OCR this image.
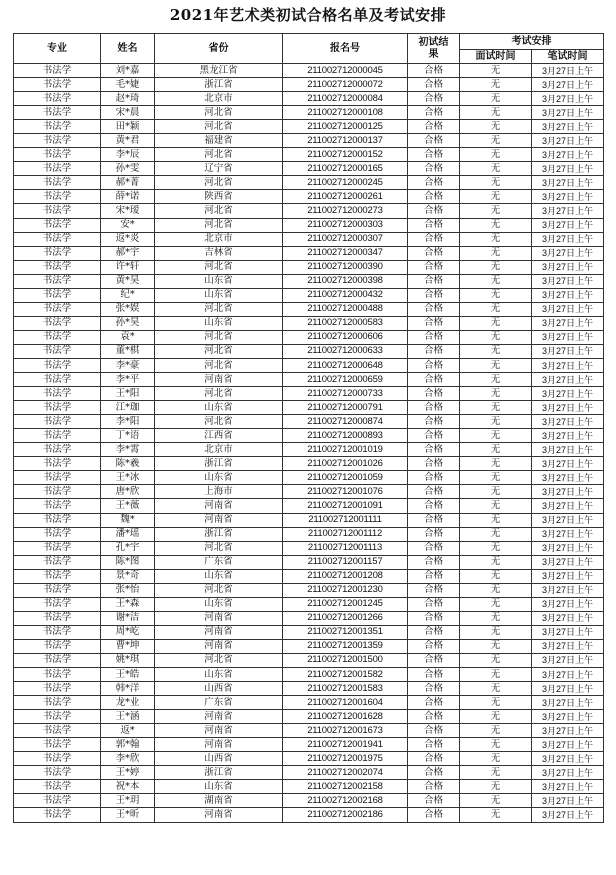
2021年艺术类初试合格名单及考试安排
专业	姓名	省份	报名号	初试结果	考试安排	
					面试时间	笔试时间
书法学	刘*嘉	黑龙江省	211002712000045	合格	无	3月27日上午
书法学	毛*婕	浙江省	211002712000072	合格	无	3月27日上午
书法学	赵*琦	北京市	211002712000084	合格	无	3月27日上午
书法学	宋*晨	河北省	211002712000108	合格	无	3月27日上午
书法学	田*颖	河北省	211002712000125	合格	无	3月27日上午
书法学	黄*君	福建省	211002712000137	合格	无	3月27日上午
书法学	李*辰	河北省	211002712000152	合格	无	3月27日上午
书法学	孙*雯	辽宁省	211002712000165	合格	无	3月27日上午
书法学	郝*菁	河北省	211002712000245	合格	无	3月27日上午
书法学	薛*诺	陕西省	211002712000261	合格	无	3月27日上午
书法学	宋*瑷	河北省	211002712000273	合格	无	3月27日上午
书法学	安*	河北省	211002712000303	合格	无	3月27日上午
书法学	返*炎	北京市	211002712000307	合格	无	3月27日上午
书法学	郝*宇	吉林省	211002712000347	合格	无	3月27日上午
书法学	许*轩	河北省	211002712000390	合格	无	3月27日上午
书法学	黄*昊	山东省	211002712000398	合格	无	3月27日上午
书法学	纪*	山东省	211002712000432	合格	无	3月27日上午
书法学	张*娱	河北省	211002712000488	合格	无	3月27日上午
书法学	孙*昊	山东省	211002712000583	合格	无	3月27日上午
书法学	袁*	河北省	211002712000606	合格	无	3月27日上午
书法学	董*棋	河北省	211002712000633	合格	无	3月27日上午
书法学	李*豪	河北省	211002712000648	合格	无	3月27日上午
书法学	李*平	河南省	211002712000659	合格	无	3月27日上午
书法学	王*阳	河北省	211002712000733	合格	无	3月27日上午
书法学	江*珈	山东省	211002712000791	合格	无	3月27日上午
书法学	李*阳	河北省	211002712000874	合格	无	3月27日上午
书法学	丁*语	江西省	211002712000893	合格	无	3月27日上午
书法学	李*霄	北京市	211002712001019	合格	无	3月27日上午
书法学	陈*羲	浙江省	211002712001026	合格	无	3月27日上午
书法学	王*冰	山东省	211002712001059	合格	无	3月27日上午
书法学	唐*欣	上海市	211002712001076	合格	无	3月27日上午
书法学	王*薇	河南省	211002712001091	合格	无	3月27日上午
书法学	魏*	河南省	211002712001111	合格	无	3月27日上午
书法学	潘*瑶	浙江省	211002712001112	合格	无	3月27日上午
书法学	孔*宇	河北省	211002712001113	合格	无	3月27日上午
书法学	陈*图	广东省	211002712001157	合格	无	3月27日上午
书法学	景*奇	山东省	211002712001208	合格	无	3月27日上午
书法学	张*怡	河北省	211002712001230	合格	无	3月27日上午
书法学	王*森	山东省	211002712001245	合格	无	3月27日上午
书法学	谢*洁	河南省	211002712001266	合格	无	3月27日上午
书法学	周*屹	河南省	211002712001351	合格	无	3月27日上午
书法学	曹*坤	河南省	211002712001359	合格	无	3月27日上午
书法学	姚*琪	河北省	211002712001500	合格	无	3月27日上午
书法学	王*皓	山东省	211002712001582	合格	无	3月27日上午
书法学	韩*洋	山西省	211002712001583	合格	无	3月27日上午
书法学	龙*业	广东省	211002712001604	合格	无	3月27日上午
书法学	王*涵	河南省	211002712001628	合格	无	3月27日上午
书法学	返*	河南省	211002712001673	合格	无	3月27日上午
书法学	郭*翰	河南省	211002712001941	合格	无	3月27日上午
书法学	李*欣	山西省	211002712001975	合格	无	3月27日上午
书法学	王*婷	浙江省	211002712002074	合格	无	3月27日上午
书法学	祝*本	山东省	211002712002158	合格	无	3月27日上午
书法学	王*玥	湖南省	211002712002168	合格	无	3月27日上午
书法学	王*昕	河南省	211002712002186	合格	无	3月27日上午
